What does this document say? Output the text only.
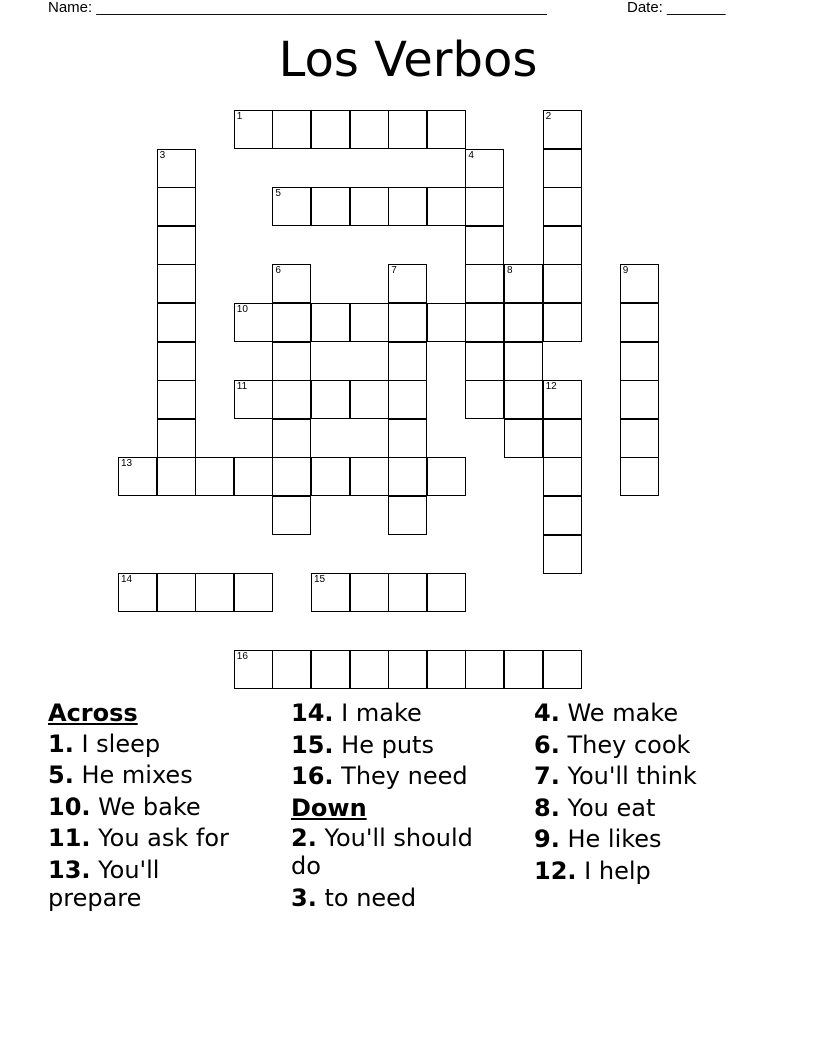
Name: ______________________________________________________	Date: _______
Los Verbos
1
5
10
11
13
14	15
16
2
3	4
6	7	8	9
12
Across
1. I sleep
5. He mixes
10. We bake
11. You ask for
13. You'll prepare
14. I make
15. He puts
16. They need
Down
2. You'll should do
3. to need
4. We make
6. They cook
7. You'll think
8. You eat
9. He likes
12. I help
